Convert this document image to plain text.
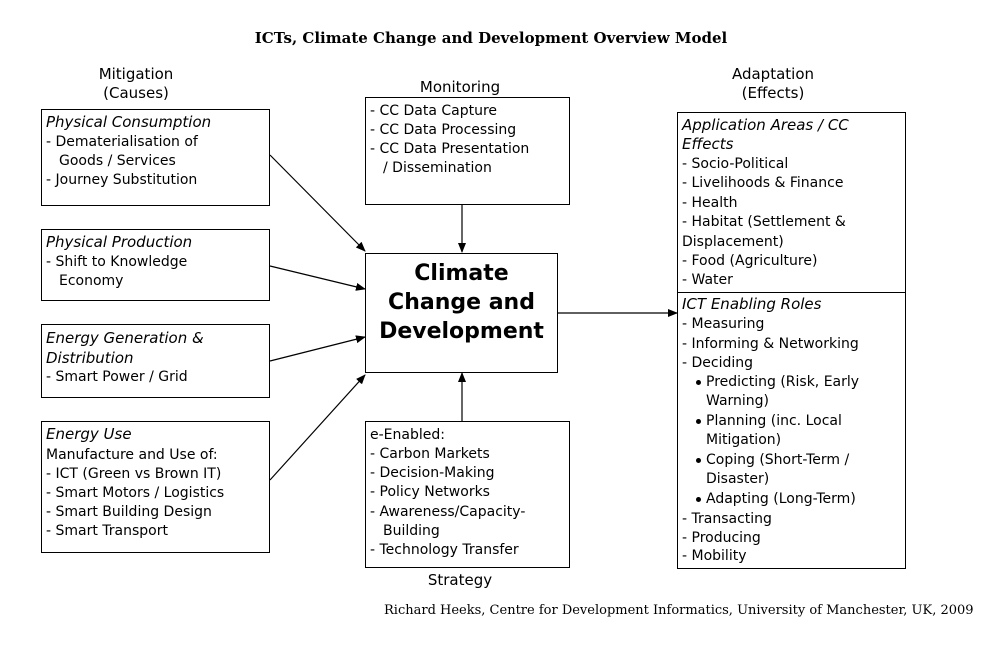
ICTs, Climate Change and Development Overview Model
Mitigation
(Causes)	Monitoring
Adaptation
(Effects)
Strategy
Physical Consumption
- Dematerialisation of
Goods / Services
- Journey Substitution
Physical Production
- Shift to Knowledge
Economy
Energy Generation &
Distribution
- Smart Power / Grid
Energy Use
Manufacture and Use of:
- ICT (Green vs Brown IT)
- Smart Motors / Logistics
- Smart Building Design
- Smart Transport
- CC Data Capture
- CC Data Processing
- CC Data Presentation
/ Dissemination
Climate
Change and
Development
e-Enabled:
- Carbon Markets
- Decision-Making
- Policy Networks
- Awareness/Capacity-
Building
- Technology Transfer
Application Areas / CC
Effects
- Socio-Political
- Livelihoods & Finance
- Health
- Habitat (Settlement &
Displacement)
- Food (Agriculture)
- Water
ICT Enabling Roles
- Measuring
- Informing & Networking
- Deciding
Predicting (Risk, Early
Warning)
Planning (inc. Local
Mitigation)
Coping (Short-Term /
Disaster)
Adapting (Long-Term)
- Transacting
- Producing
- Mobility
Richard Heeks, Centre for Development Informatics, University of Manchester, UK, 2009
